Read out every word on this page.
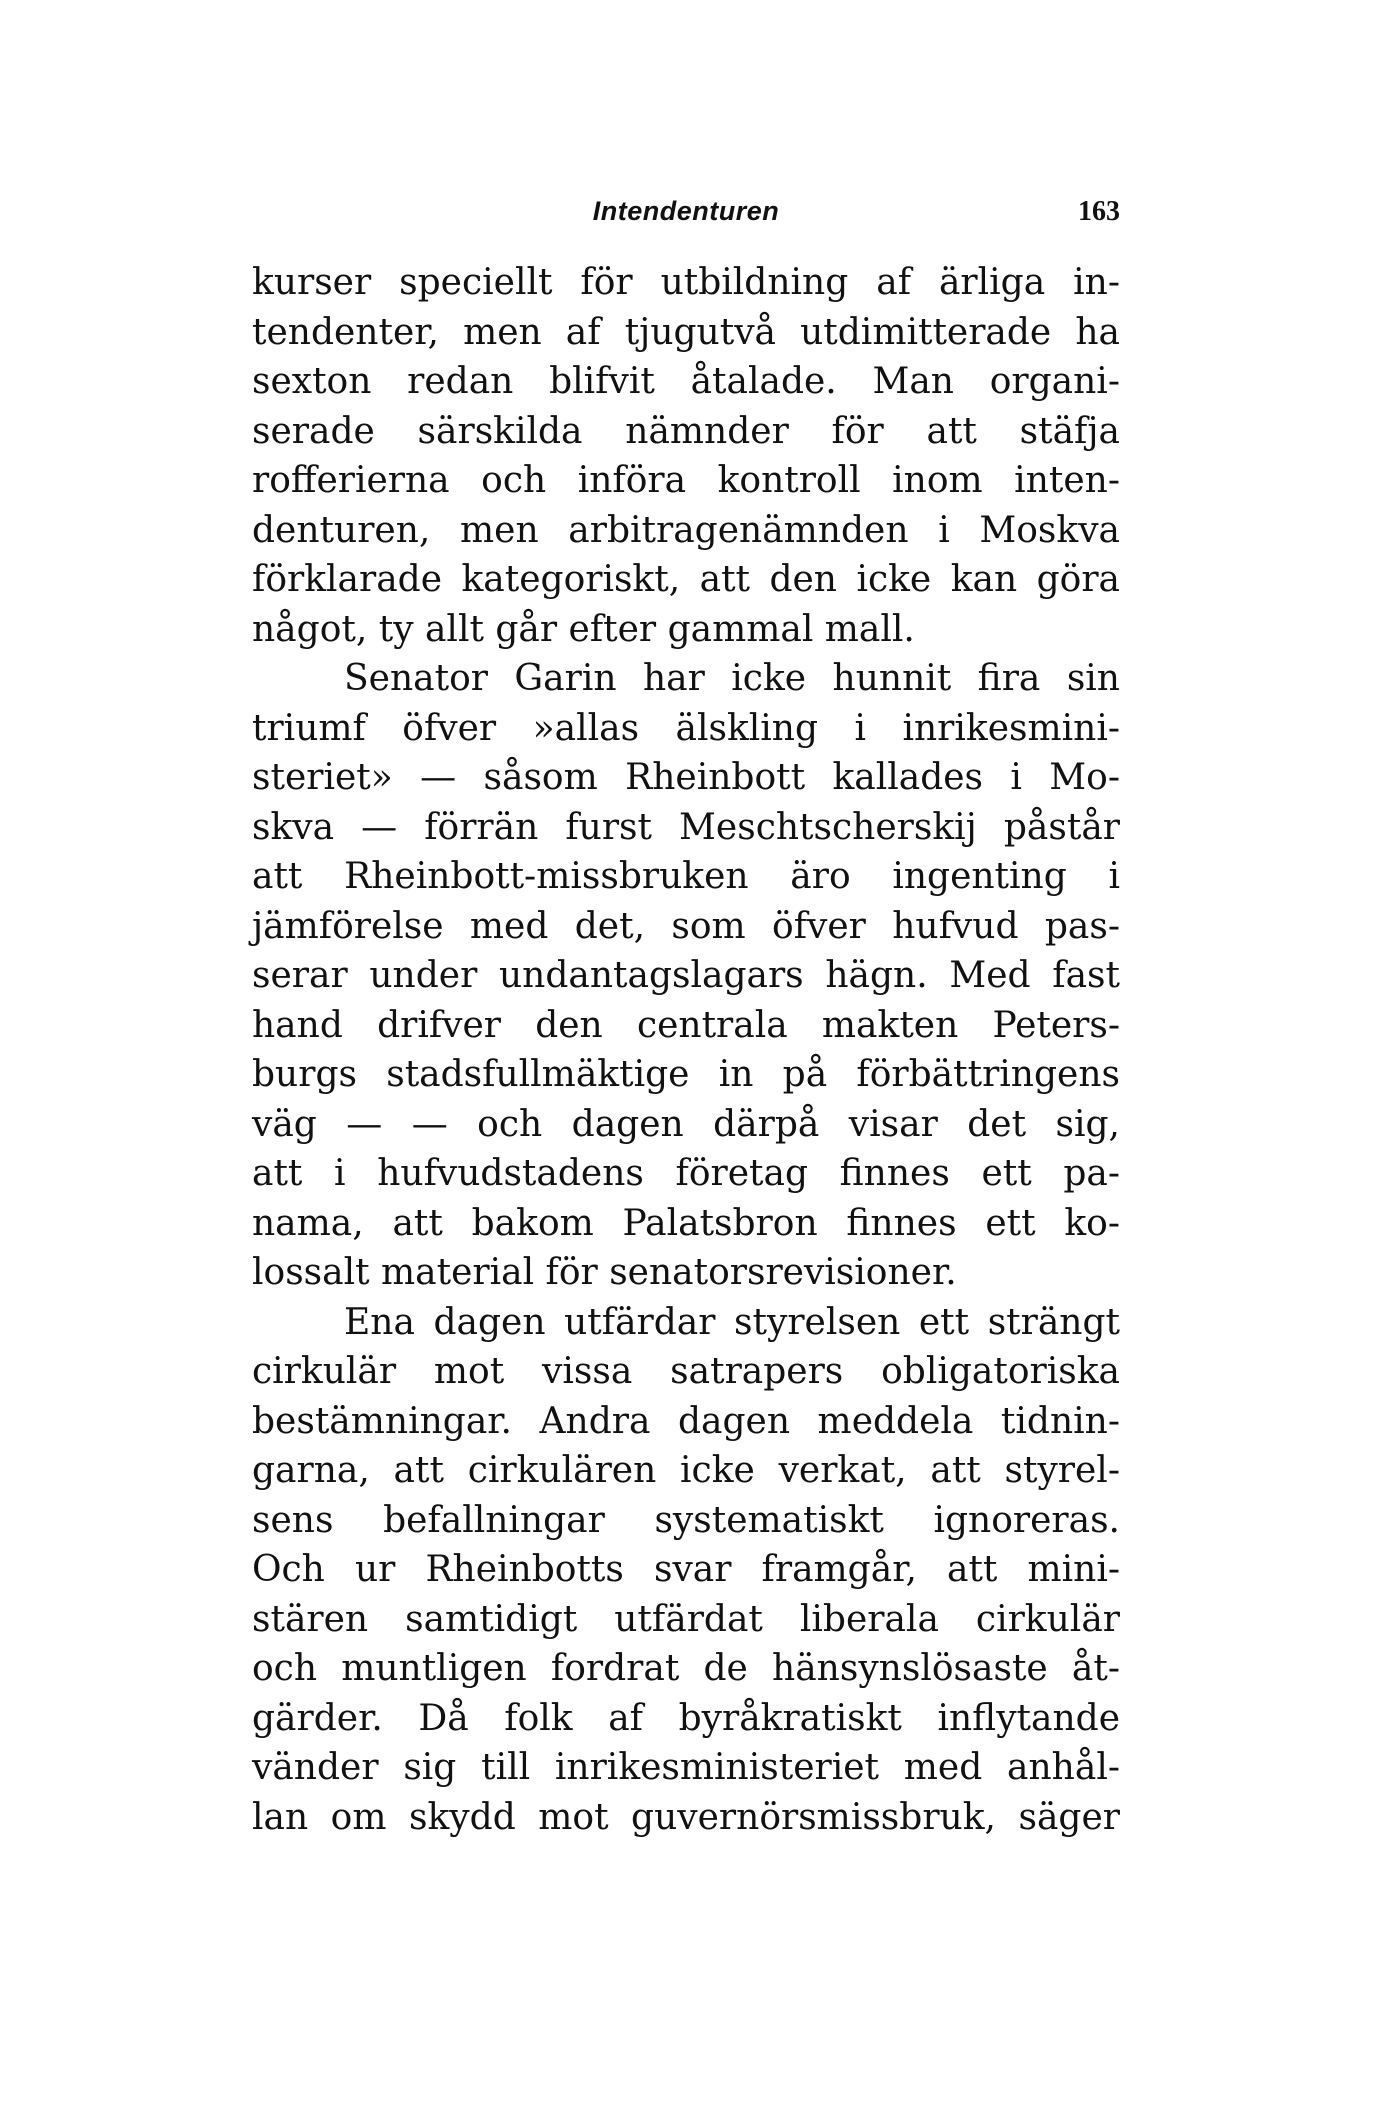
Intendenturen	163
kurser speciellt för utbildning af ärliga in-
tendenter, men af tjugutvå utdimitterade ha
sexton redan blifvit åtalade. Man organi-
serade särskilda nämnder för att stäfja
rofferierna och införa kontroll inom inten-
denturen, men arbitragenämnden i Moskva
förklarade kategoriskt, att den icke kan göra
något, ty allt går efter gammal mall.
Senator Garin har icke hunnit fira sin
triumf öfver »allas älskling i inrikesmini-
steriet» — såsom Rheinbott kallades i Mo-
skva — förrän furst Meschtscherskij påstår
att Rheinbott-missbruken äro ingenting i
jämförelse med det, som öfver hufvud pas-
serar under undantagslagars hägn. Med fast
hand drifver den centrala makten Peters-
burgs stadsfullmäktige in på förbättringens
väg — — och dagen därpå visar det sig,
att i hufvudstadens företag finnes ett pa-
nama, att bakom Palatsbron finnes ett ko-
lossalt material för senatorsrevisioner.
Ena dagen utfärdar styrelsen ett strängt
cirkulär mot vissa satrapers obligatoriska
bestämningar. Andra dagen meddela tidnin-
garna, att cirkulären icke verkat, att styrel-
sens befallningar systematiskt ignoreras.
Och ur Rheinbotts svar framgår, att mini-
stären samtidigt utfärdat liberala cirkulär
och muntligen fordrat de hänsynslösaste åt-
gärder. Då folk af byråkratiskt inflytande
vänder sig till inrikesministeriet med anhål-
lan om skydd mot guvernörsmissbruk, säger
